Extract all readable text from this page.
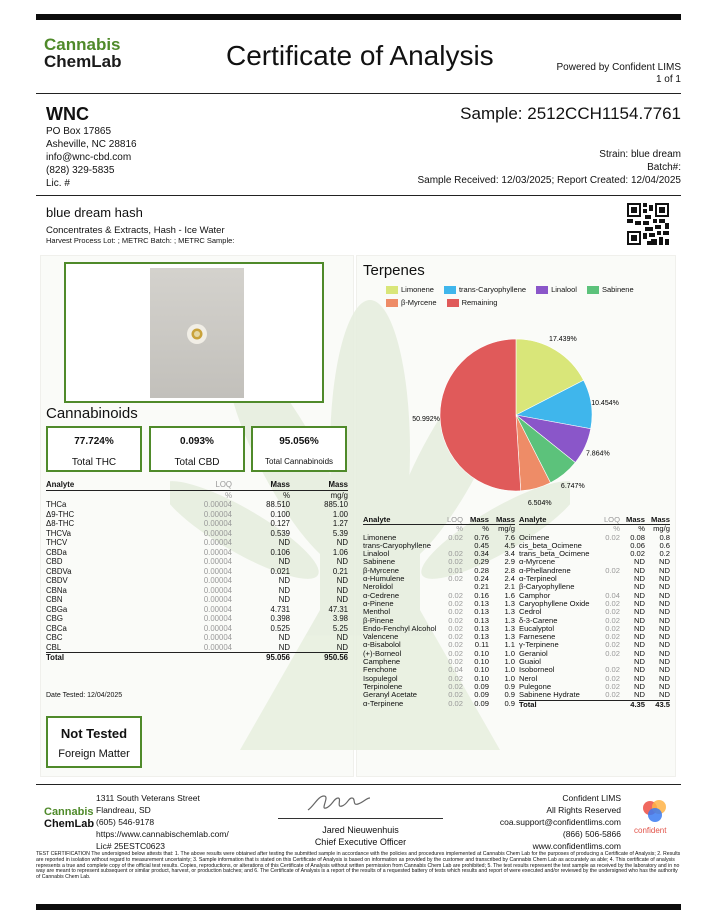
Cannabis
ChemLab	Certificate of Analysis	Powered by Confident LIMS
1 of 1
WNC
PO Box 17865
Asheville, NC 28816
info@wnc-cbd.com
(828) 329-5835
Lic. #
Sample: 2512CCH1154.7761
Strain: blue dream
Batch#:
Sample Received: 12/03/2025; Report Created: 12/04/2025
blue dream hash
Concentrates & Extracts, Hash - Ice Water
Harvest Process Lot: ; METRC Batch: ; METRC Sample:
Cannabinoids
77.724%
Total THC
0.093%
Total CBD
95.056%
Total Cannabinoids
Analyte	LOQ	Mass	Mass
	%	%	mg/g
THCa	0.00004	88.510	885.10
Δ9-THC	0.00004	0.100	1.00
Δ8-THC	0.00004	0.127	1.27
THCVa	0.00004	0.539	5.39
THCV	0.00004	ND	ND
CBDa	0.00004	0.106	1.06
CBD	0.00004	ND	ND
CBDVa	0.00004	0.021	0.21
CBDV	0.00004	ND	ND
CBNa	0.00004	ND	ND
CBN	0.00004	ND	ND
CBGa	0.00004	4.731	47.31
CBG	0.00004	0.398	3.98
CBCa	0.00004	0.525	5.25
CBC	0.00004	ND	ND
CBL	0.00004	ND	ND
Total		95.056	950.56
Date Tested: 12/04/2025
Not Tested
Foreign Matter
Terpenes
Limonene	trans-Caryophyllene	Linalool	Sabinene
β-Myrcene	Remaining
17.439%
10.454%
7.864%
6.747%
6.504%
50.992%
Analyte	LOQ	Mass	Mass
	%	%	mg/g
Limonene	0.02	0.76	7.6
trans-Caryophyllene		0.45	4.5
Linalool	0.02	0.34	3.4
Sabinene	0.02	0.29	2.9
β-Myrcene	0.01	0.28	2.8
α-Humulene	0.02	0.24	2.4
Nerolidol		0.21	2.1
α-Cedrene	0.02	0.16	1.6
α-Pinene	0.02	0.13	1.3
Menthol	0.02	0.13	1.3
β-Pinene	0.02	0.13	1.3
Endo-Fenchyl Alcohol	0.02	0.13	1.3
Valencene	0.02	0.13	1.3
α-Bisabolol	0.02	0.11	1.1
(+)-Borneol	0.02	0.10	1.0
Camphene	0.02	0.10	1.0
Fenchone	0.04	0.10	1.0
Isopulegol	0.02	0.10	1.0
Terpinolene	0.02	0.09	0.9
Geranyl Acetate	0.02	0.09	0.9
α-Terpinene	0.02	0.09	0.9
Analyte	LOQ	Mass	Mass
	%	%	mg/g
Ocimene	0.02	0.08	0.8
cis_beta_Ocimene		0.06	0.6
trans_beta_Ocimene		0.02	0.2
α-Myrcene		ND	ND
α-Phellandrene	0.02	ND	ND
α-Terpineol		ND	ND
β-Caryophyllene		ND	ND
Camphor	0.04	ND	ND
Caryophyllene Oxide	0.02	ND	ND
Cedrol	0.02	ND	ND
δ-3-Carene	0.02	ND	ND
Eucalyptol	0.02	ND	ND
Farnesene	0.02	ND	ND
γ-Terpinene	0.02	ND	ND
Geraniol	0.02	ND	ND
Guaiol		ND	ND
Isoborneol	0.02	ND	ND
Nerol	0.02	ND	ND
Pulegone	0.02	ND	ND
Sabinene Hydrate	0.02	ND	ND
Total		4.35	43.5
Cannabis
ChemLab
1311 South Veterans Street
Flandreau, SD
(605) 546-9178
https://www.cannabischemlab.com/
Lic# 25ESTC0623
Jared Nieuwenhuis
Chief Executive Officer
Confident LIMS
All Rights Reserved
coa.support@confidentlims.com
(866) 506-5866
www.confidentlims.com
confident
TEST CERTIFICATION The undersigned below attests that: 1. The above results were obtained after testing the submitted sample in accordance with the policies and procedures implemented at Cannabis Chem Lab for the purposes of producing a Certificate of Analysis; 2. Results are reported in isolation without regard to measurement uncertainty; 3. Sample information that is stated on this Certificate of Analysis is based on information as provided by the customer and transcribed by Cannabis Chem Lab as accurately as able; 4. This certificate of analysis represents a true and complete copy of the official test results. Copies, reproductions, or alterations of this Certificate of Analysis without written permission from Cannabis Chem Lab are prohibited; 5. The test results represent the test sample as received by the laboratory and in no way are meant to represent subsequent or similar product, harvest, or production batches; and 6. The Certificate of Analysis is a report of the results of a requested battery of tests which results and report of were executed and/or reviewed by the undersigned who has the authority of Cannabis Chem Lab.
